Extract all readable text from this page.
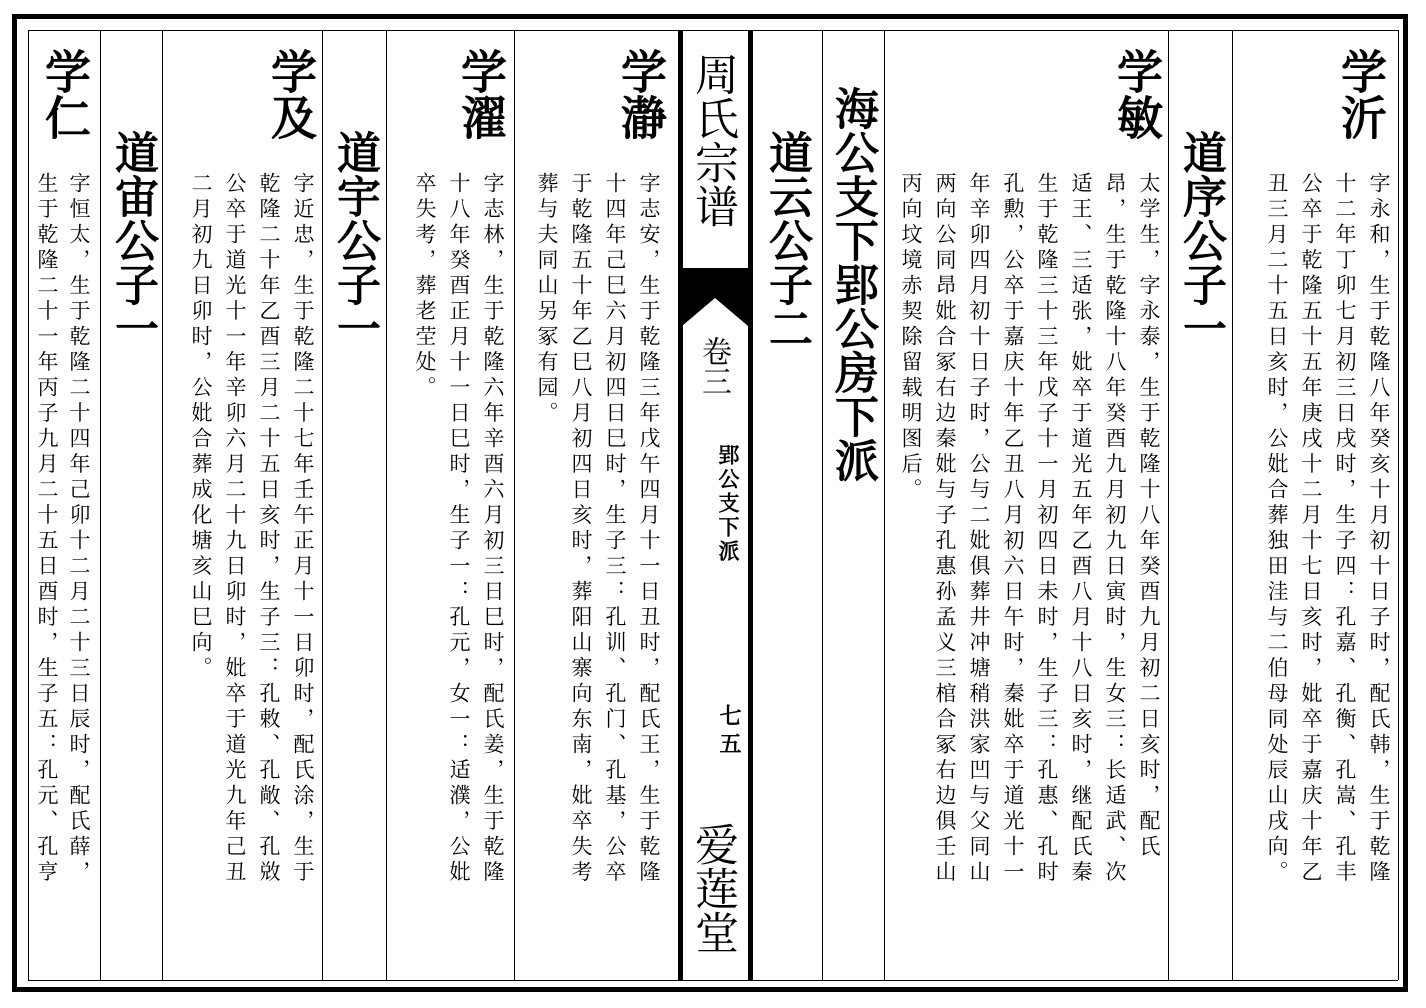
周氏宗谱
卷三
郢公支下派
七五
爱莲堂
学沂
字永和，生于乾隆八年癸亥十月初十日子时，配氏韩，生于乾隆
十二年丁卯七月初三日戌时，生子四：孔嘉、孔衡、孔嵩、孔丰
公卒于乾隆五十五年庚戌十二月十七日亥时，妣卒于嘉庆十年乙
丑三月二十五日亥时，公妣合葬独田洼与二伯母同处辰山戌向。
道序公子一
学敏
太学生，字永泰，生于乾隆十八年癸酉九月初二日亥时，配氏
昂，生于乾隆十八年癸酉九月初九日寅时，生女三：长适武、次
适王、三适张，妣卒于道光五年乙酉八月十八日亥时，继配氏秦
生于乾隆三十三年戊子十一月初四日未时，生子三：孔惠、孔时
孔勲，公卒于嘉庆十年乙丑八月初六日午时，秦妣卒于道光十一
年辛卯四月初十日子时，公与二妣俱葬井冲塘稍洪家凹与父同山
两向公同昂妣合冢右边秦妣与子孔惠孙孟义三棺合冢右边俱壬山
丙向坟境赤契除留载明图后。
海公支下郢公房下派
道云公子二
学瀞
字志安，生于乾隆三年戊午四月十一日丑时，配氏王，生于乾隆
十四年己巳六月初四日巳时，生子三：孔训、孔门、孔基，公卒
于乾隆五十年乙巳八月初四日亥时，葬阳山寨向东南，妣卒失考
葬与夫同山另冢有园。
学濯
字志林，生于乾隆六年辛酉六月初三日巳时，配氏姜，生于乾隆
十八年癸酉正月十一日巳时，生子一：孔元，女一：适濮，公妣
卒失考，葬老茔处。
道宇公子一
学及
字近忠，生于乾隆二十七年壬午正月十一日卯时，配氏涂，生于
乾隆二十年乙酉三月二十五日亥时，生子三：孔敕、孔敞、孔敚
公卒于道光十一年辛卯六月二十九日卯时，妣卒于道光九年己丑
二月初九日卯时，公妣合葬成化塘亥山巳向。
道宙公子一
学仁
字恒太，生于乾隆二十四年己卯十二月二十三日辰时，配氏薛，
生于乾隆二十一年丙子九月二十五日酉时，生子五：孔元、孔亨
